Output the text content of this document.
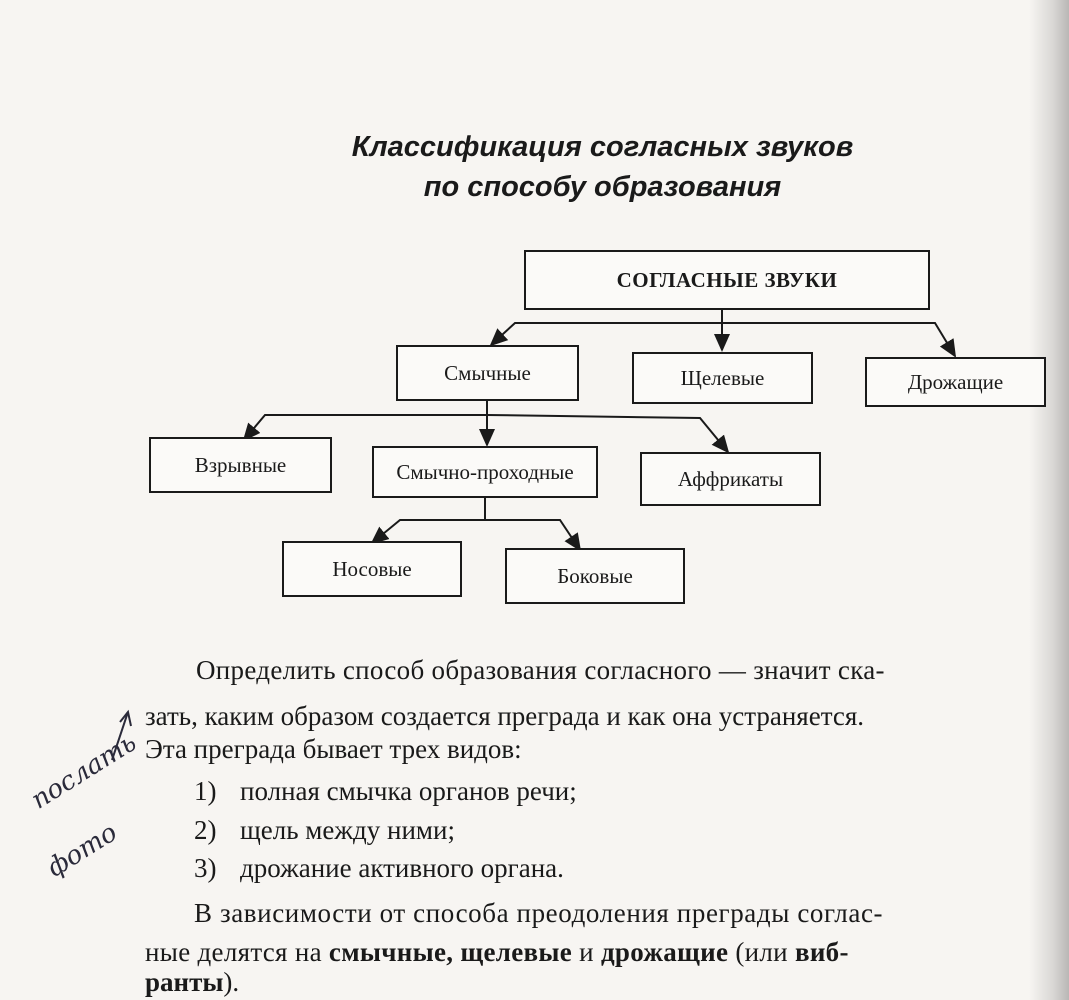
Классификация согласных звуков
по способу образования
СОГЛАСНЫЕ ЗВУКИ
Смычные	Щелевые	Дрожащие
Взрывные	Смычно-проходные	Аффрикаты
Носовые	Боковые
Определить способ образования согласного — значит ска-
зать, каким образом создается преграда и как она устраняется.
Эта преграда бывает трех видов:
1) полная смычка органов речи;
2) щель между ними;
3) дрожание активного органа.
В зависимости от способа преодоления преграды соглас-
ные делятся на смычные, щелевые и дрожащие (или виб-
ранты).
послать
фото
